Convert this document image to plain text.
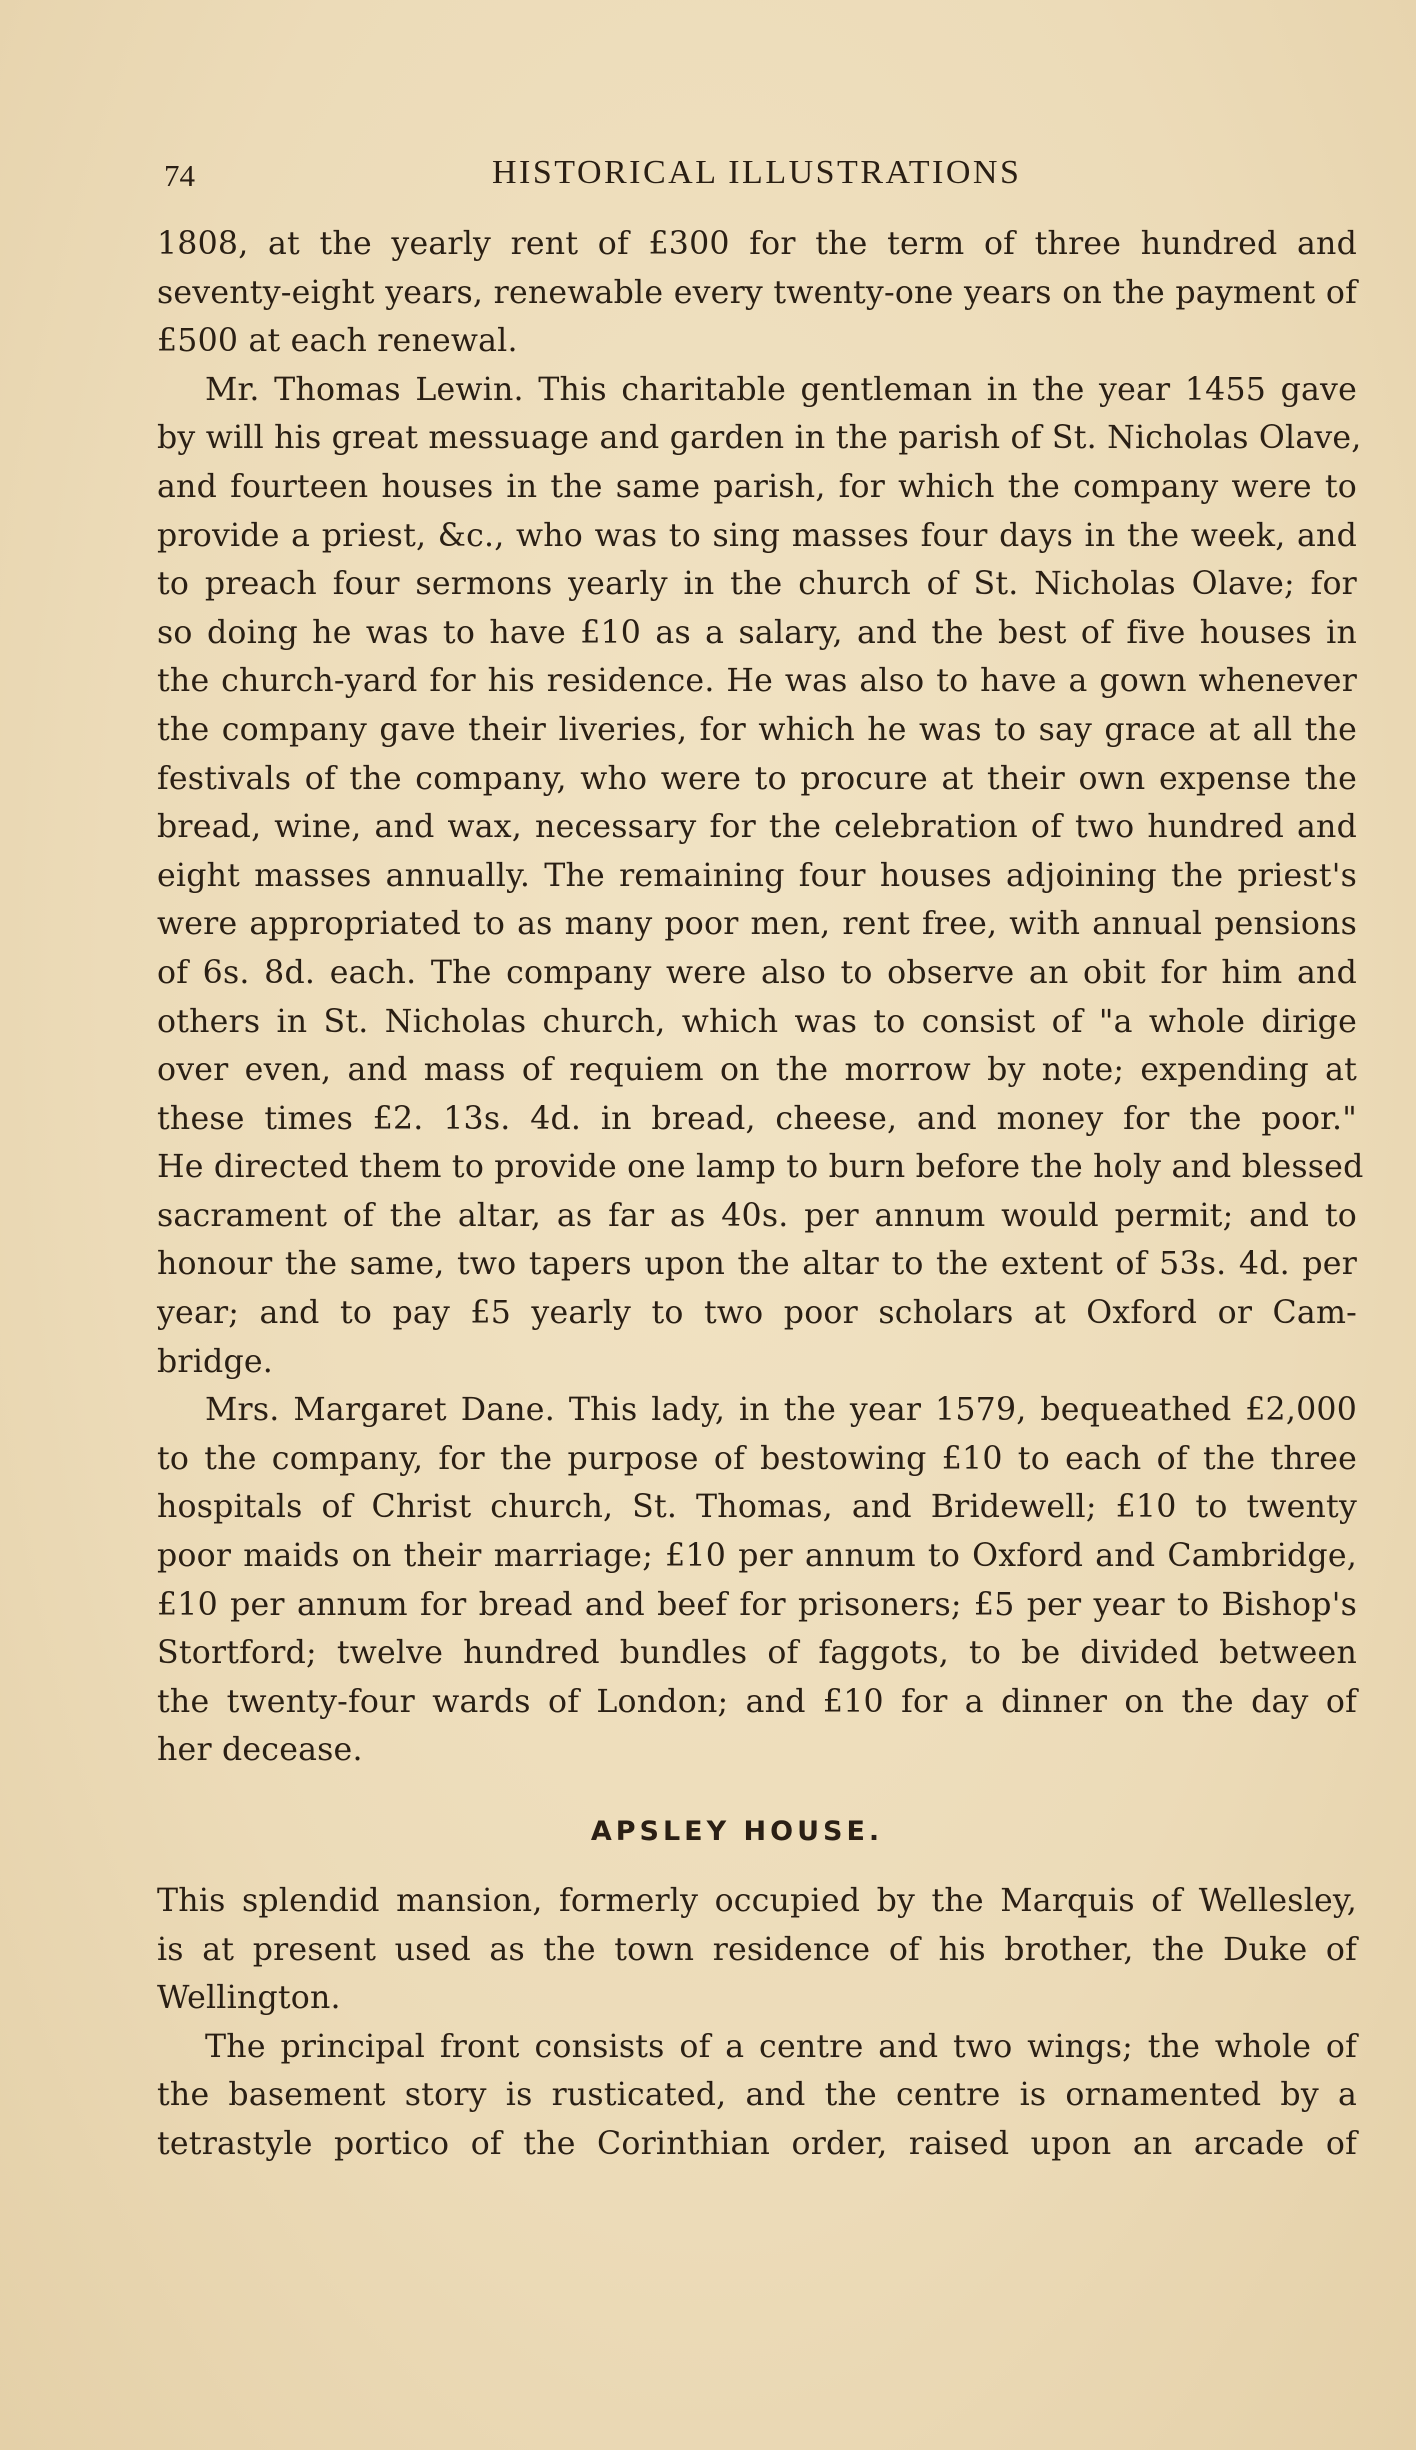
74	HISTORICAL ILLUSTRATIONS
1808, at the yearly rent of £300 for the term of three hundred and
seventy-eight years, renewable every twenty-one years on the payment of
£500 at each renewal.
Mr. Thomas Lewin. This charitable gentleman in the year 1455 gave
by will his great messuage and garden in the parish of St. Nicholas Olave,
and fourteen houses in the same parish, for which the company were to
provide a priest, &c., who was to sing masses four days in the week, and
to preach four sermons yearly in the church of St. Nicholas Olave; for
so doing he was to have £10 as a salary, and the best of five houses in
the church-yard for his residence. He was also to have a gown whenever
the company gave their liveries, for which he was to say grace at all the
festivals of the company, who were to procure at their own expense the
bread, wine, and wax, necessary for the celebration of two hundred and
eight masses annually. The remaining four houses adjoining the priest's
were appropriated to as many poor men, rent free, with annual pensions
of 6s. 8d. each. The company were also to observe an obit for him and
others in St. Nicholas church, which was to consist of "a whole dirige
over even, and mass of requiem on the morrow by note; expending at
these times £2. 13s. 4d. in bread, cheese, and money for the poor."
He directed them to provide one lamp to burn before the holy and blessed
sacrament of the altar, as far as 40s. per annum would permit; and to
honour the same, two tapers upon the altar to the extent of 53s. 4d. per
year; and to pay £5 yearly to two poor scholars at Oxford or Cam-
bridge.
Mrs. Margaret Dane. This lady, in the year 1579, bequeathed £2,000
to the company, for the purpose of bestowing £10 to each of the three
hospitals of Christ church, St. Thomas, and Bridewell; £10 to twenty
poor maids on their marriage; £10 per annum to Oxford and Cambridge,
£10 per annum for bread and beef for prisoners; £5 per year to Bishop's
Stortford; twelve hundred bundles of faggots, to be divided between
the twenty-four wards of London; and £10 for a dinner on the day of
her decease.
APSLEY HOUSE.
This splendid mansion, formerly occupied by the Marquis of Wellesley,
is at present used as the town residence of his brother, the Duke of
Wellington.
The principal front consists of a centre and two wings; the whole of
the basement story is rusticated, and the centre is ornamented by a
tetrastyle portico of the Corinthian order, raised upon an arcade of
